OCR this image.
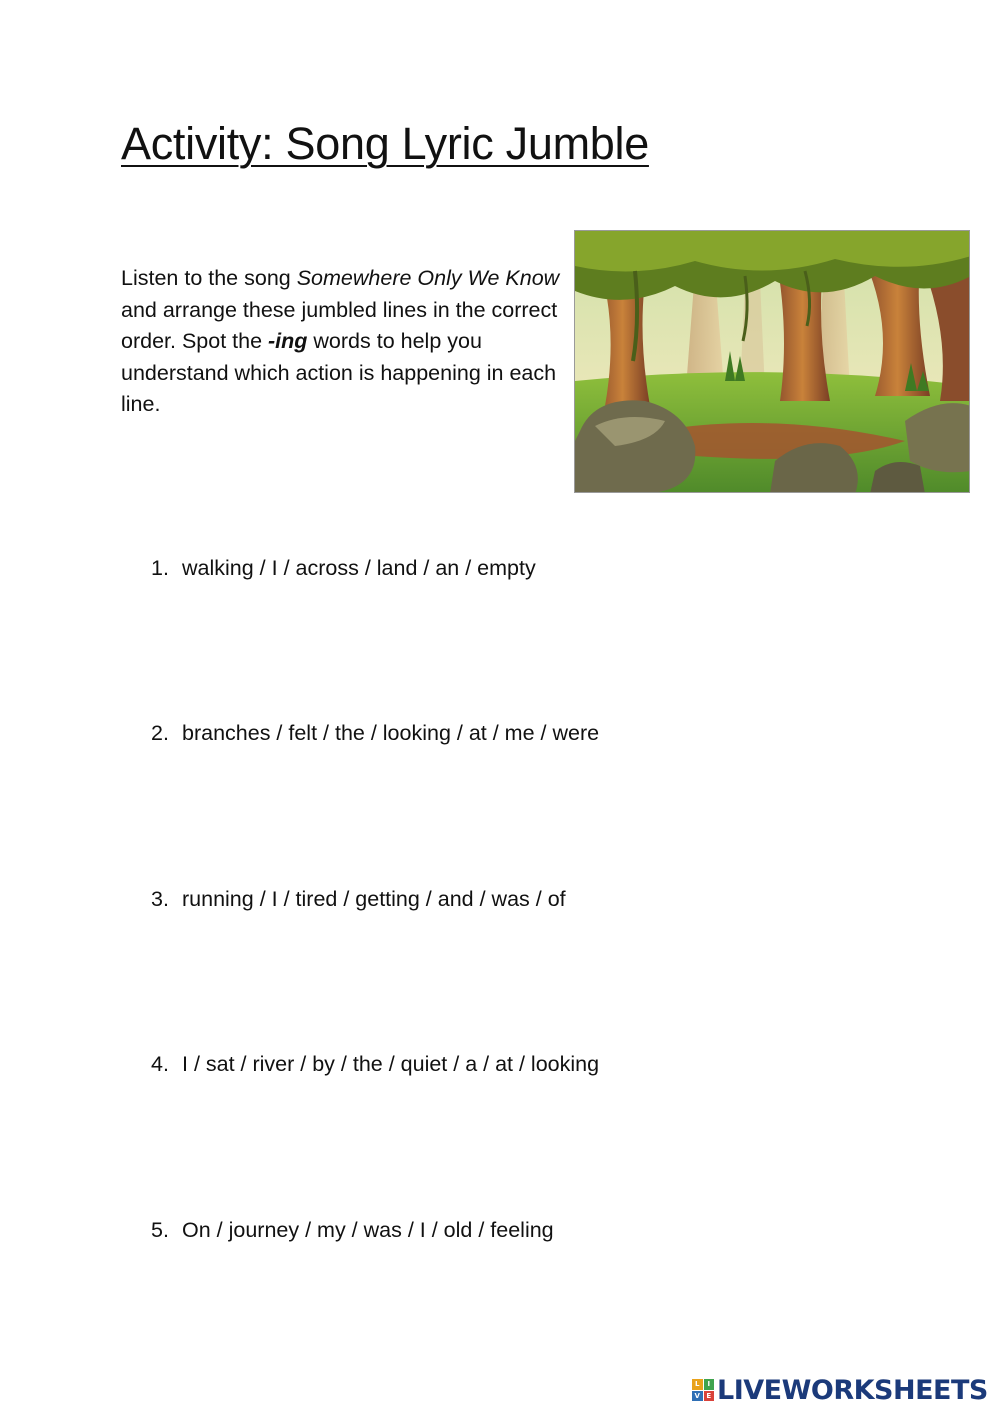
Activity: Song Lyric Jumble
Listen to the song Somewhere Only We Know and arrange these jumbled lines in the correct order. Spot the -ing words to help you understand which action is happening in each line.
1. walking / I / across / land / an / empty
2. branches / felt / the / looking / at / me / were
3. running / I / tired / getting / and / was / of
4. I / sat / river / by / the / quiet / a / at / looking
5. On / journey / my / was / I / old / feeling
L	I
V E LIVEWORKSHEETS
